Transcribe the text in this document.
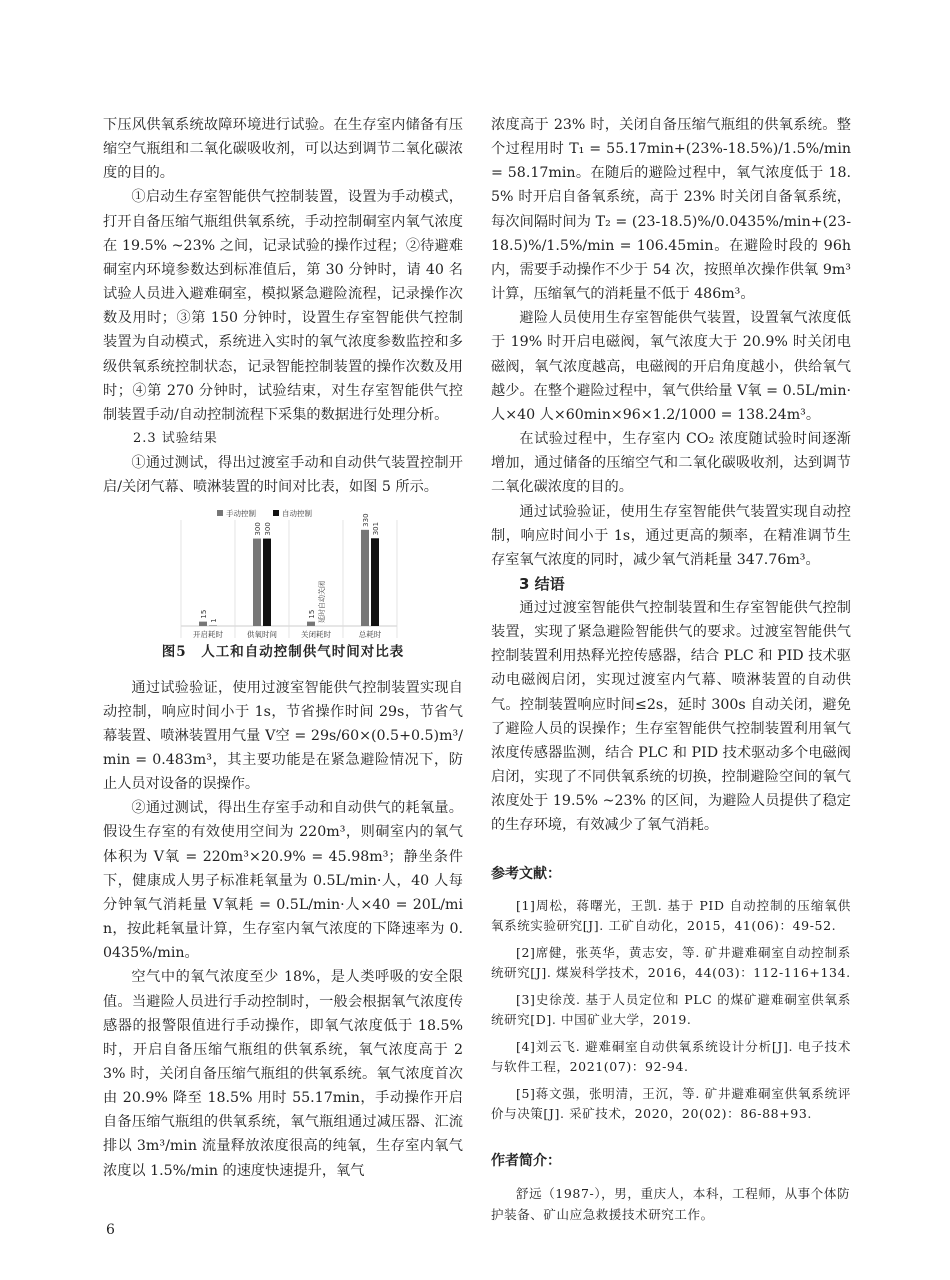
下压风供氧系统故障环境进行试验。在生存室内储备有压缩空气瓶组和二氧化碳吸收剂，可以达到调节二氧化碳浓度的目的。

①启动生存室智能供气控制装置，设置为手动模式，打开自备压缩气瓶组供氧系统，手动控制硐室内氧气浓度在 19.5% ~23% 之间，记录试验的操作过程；②待避难硐室内环境参数达到标准值后，第 30 分钟时，请 40 名试验人员进入避难硐室，模拟紧急避险流程，记录操作次数及用时；③第 150 分钟时，设置生存室智能供气控制装置为自动模式，系统进入实时的氧气浓度参数监控和多级供氧系统控制状态，记录智能控制装置的操作次数及用时；④第 270 分钟时，试验结束，对生存室智能供气控制装置手动/自动控制流程下采集的数据进行处理分析。

2.3 试验结果

①通过测试，得出过渡室手动和自动供气装置控制开启/关闭气幕、喷淋装置的时间对比表，如图 5 所示。

手动控制	自动控制
15
1
300 300
15 延时自动关闭
330
301
开启耗时	供氧时间	关闭耗时	总耗时

图5　人工和自动控制供气时间对比表

通过试验验证，使用过渡室智能供气控制装置实现自动控制，响应时间小于 1s，节省操作时间 29s，节省气幕装置、喷淋装置用气量 V空 = 29s/60×(0.5+0.5)m³/min = 0.483m³，其主要功能是在紧急避险情况下，防止人员对设备的误操作。

②通过测试，得出生存室手动和自动供气的耗氧量。假设生存室的有效使用空间为 220m³，则硐室内的氧气体积为 V氧 = 220m³×20.9% = 45.98m³；静坐条件下，健康成人男子标准耗氧量为 0.5L/min·人，40 人每分钟氧气消耗量 V氧耗 = 0.5L/min·人×40 = 20L/min，按此耗氧量计算，生存室内氧气浓度的下降速率为 0.0435%/min。

空气中的氧气浓度至少 18%，是人类呼吸的安全限值。当避险人员进行手动控制时，一般会根据氧气浓度传感器的报警限值进行手动操作，即氧气浓度低于 18.5% 时，开启自备压缩气瓶组的供氧系统，氧气浓度高于 23% 时，关闭自备压缩气瓶组的供氧系统。氧气浓度首次由 20.9% 降至 18.5% 用时 55.17min，手动操作开启自备压缩气瓶组的供氧系统，氧气瓶组通过减压器、汇流排以 3m³/min 流量释放浓度很高的纯氧，生存室内氧气浓度以 1.5%/min 的速度快速提升，氧气

浓度高于 23% 时，关闭自备压缩气瓶组的供氧系统。整个过程用时 T₁ = 55.17min+(23%-18.5%)/1.5%/min = 58.17min。在随后的避险过程中，氧气浓度低于 18.5% 时开启自备氧系统，高于 23% 时关闭自备氧系统，每次间隔时间为 T₂ = (23-18.5)%/0.0435%/min+(23-18.5)%/1.5%/min = 106.45min。在避险时段的 96h 内，需要手动操作不少于 54 次，按照单次操作供氧 9m³ 计算，压缩氧气的消耗量不低于 486m³。

避险人员使用生存室智能供气装置，设置氧气浓度低于 19% 时开启电磁阀，氧气浓度大于 20.9% 时关闭电磁阀，氧气浓度越高，电磁阀的开启角度越小，供给氧气越少。在整个避险过程中，氧气供给量 V氧 = 0.5L/min·人×40 人×60min×96×1.2/1000 = 138.24m³。

在试验过程中，生存室内 CO₂ 浓度随试验时间逐渐增加，通过储备的压缩空气和二氧化碳吸收剂，达到调节二氧化碳浓度的目的。

通过试验验证，使用生存室智能供气装置实现自动控制，响应时间小于 1s，通过更高的频率，在精准调节生存室氧气浓度的同时，减少氧气消耗量 347.76m³。

3 结语

通过过渡室智能供气控制装置和生存室智能供气控制装置，实现了紧急避险智能供气的要求。过渡室智能供气控制装置利用热释光控传感器，结合 PLC 和 PID 技术驱动电磁阀启闭，实现过渡室内气幕、喷淋装置的自动供气。控制装置响应时间≤2s，延时 300s 自动关闭，避免了避险人员的误操作；生存室智能供气控制装置利用氧气浓度传感器监测，结合 PLC 和 PID 技术驱动多个电磁阀启闭，实现了不同供氧系统的切换，控制避险空间的氧气浓度处于 19.5% ~23% 的区间，为避险人员提供了稳定的生存环境，有效减少了氧气消耗。

参考文献：

[1]周松，蒋曙光，王凯. 基于 PID 自动控制的压缩氧供氧系统实验研究[J]. 工矿自动化，2015，41(06)：49-52.

[2]席健，张英华，黄志安，等. 矿井避难硐室自动控制系统研究[J]. 煤炭科学技术，2016，44(03)：112-116+134.

[3]史徐茂. 基于人员定位和 PLC 的煤矿避难硐室供氧系统研究[D]. 中国矿业大学，2019.

[4]刘云飞. 避难硐室自动供氧系统设计分析[J]. 电子技术与软件工程，2021(07)：92-94.

[5]蒋文强，张明清，王沉，等. 矿井避难硐室供氧系统评价与决策[J]. 采矿技术，2020，20(02)：86-88+93.

作者简介：

舒远（1987-），男，重庆人，本科，工程师，从事个体防护装备、矿山应急救援技术研究工作。

6
